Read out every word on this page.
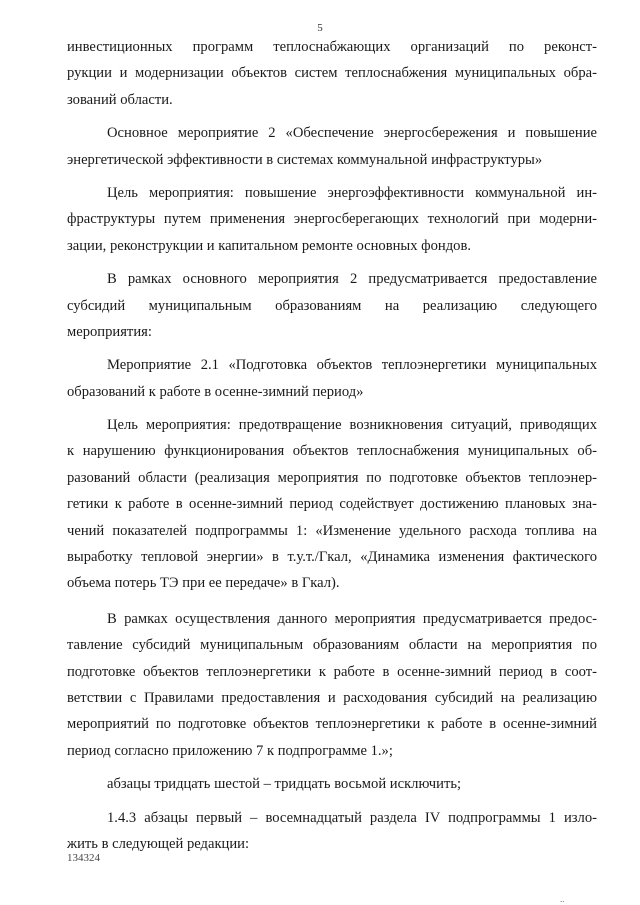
5
инвестиционных программ теплоснабжающих организаций по реконст-
рукции и модернизации объектов систем теплоснабжения муниципальных обра-
зований области.
Основное мероприятие 2 «Обеспечение энергосбережения и повышение
энергетической эффективности в системах коммунальной инфраструктуры»
Цель мероприятия: повышение энергоэффективности коммунальной ин-
фраструктуры путем применения энергосберегающих технологий при модерни-
зации, реконструкции и капитальном ремонте основных фондов.
В рамках основного мероприятия 2 предусматривается предоставление
субсидий муниципальным образованиям на реализацию следующего
мероприятия:
Мероприятие 2.1 «Подготовка объектов теплоэнергетики муниципальных
образований к работе в осенне-зимний период»
Цель мероприятия: предотвращение возникновения ситуаций, приводящих
к нарушению функционирования объектов теплоснабжения муниципальных об-
разований области (реализация мероприятия по подготовке объектов теплоэнер-
гетики к работе в осенне-зимний период содействует достижению плановых зна-
чений показателей подпрограммы 1: «Изменение удельного расхода топлива на
выработку тепловой энергии» в т.у.т./Гкал, «Динамика изменения фактического
объема потерь ТЭ при ее передаче» в Гкал).
В рамках осуществления данного мероприятия предусматривается предос-
тавление субсидий муниципальным образованиям области на мероприятия по
подготовке объектов теплоэнергетики к работе в осенне-зимний период в соот-
ветствии с Правилами предоставления и расходования субсидий на реализацию
мероприятий по подготовке объектов теплоэнергетики к работе в осенне-зимний
период согласно приложению 7 к подпрограмме 1.»;
абзацы тридцать шестой – тридцать восьмой исключить;
1.4.3 абзацы первый – восемнадцатый раздела IV подпрограммы 1 изло-
жить в следующей редакции:
134324
..
